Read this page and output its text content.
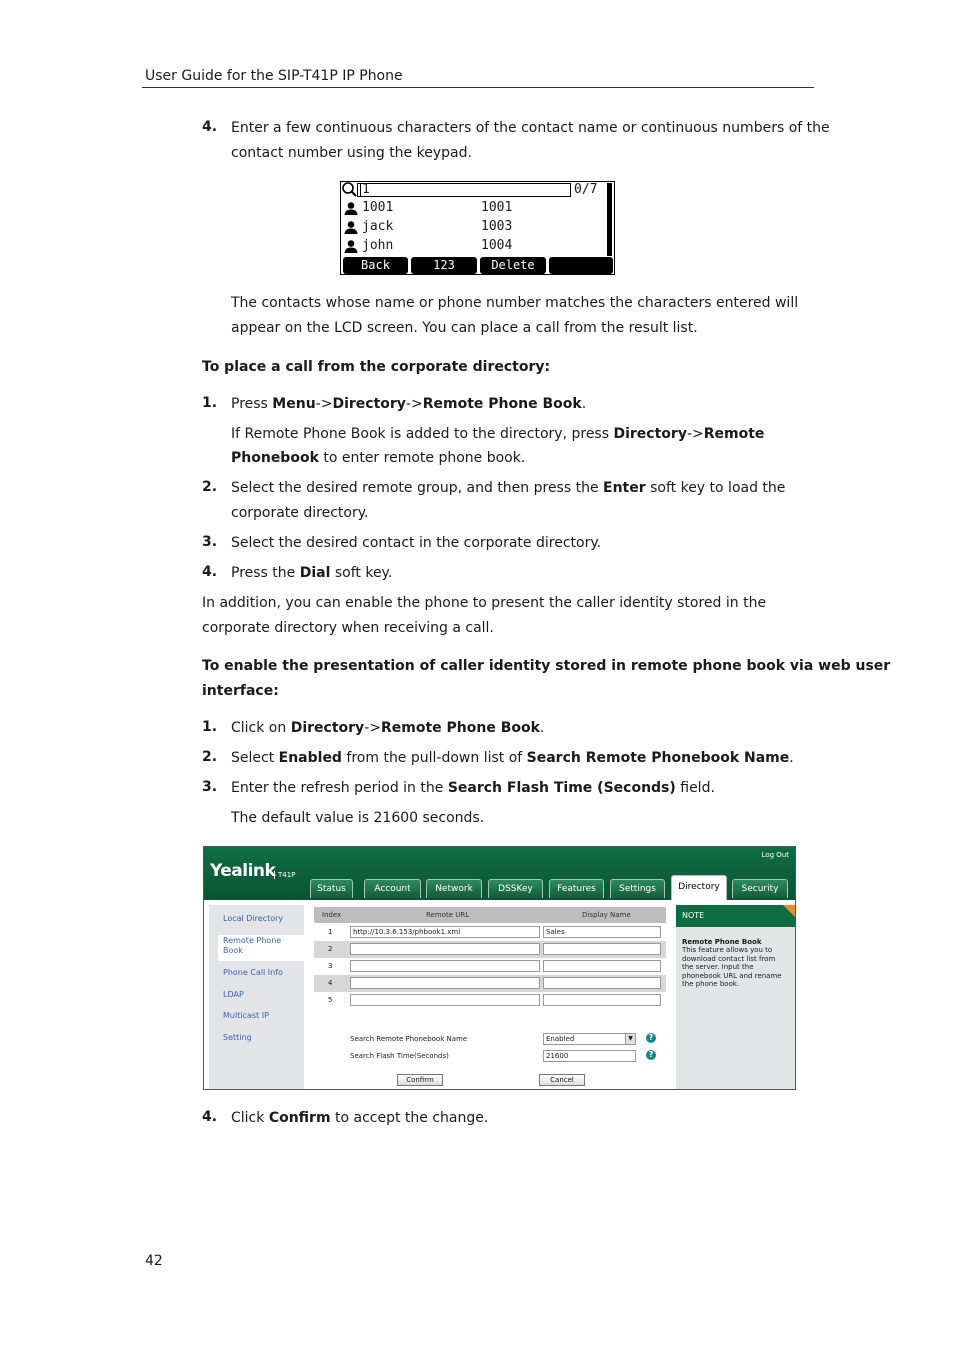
User Guide for the SIP-T41P IP Phone
4. Enter a few continuous characters of the contact name or continuous numbers of the
contact number using the keypad.
1	0/7
1001	1001
jack	1003
john	1004
Back	123	Delete
The contacts whose name or phone number matches the characters entered will
appear on the LCD screen. You can place a call from the result list.
To place a call from the corporate directory:
1. Press Menu->Directory->Remote Phone Book.
If Remote Phone Book is added to the directory, press Directory->Remote
Phonebook to enter remote phone book.
2. Select the desired remote group, and then press the Enter soft key to load the
corporate directory.
3. Select the desired contact in the corporate directory.
4. Press the Dial soft key.
In addition, you can enable the phone to present the caller identity stored in the
corporate directory when receiving a call.
To enable the presentation of caller identity stored in remote phone book via web user
interface:
1. Click on Directory->Remote Phone Book.
2. Select Enabled from the pull-down list of Search Remote Phonebook Name.
3. Enter the refresh period in the Search Flash Time (Seconds) field.
The default value is 21600 seconds.
Yealink T41P
Log Out
Status	Account	Network	DSSKey	Features	Settings	Directory	Security
Local Directory
Remote Phone Book
Phone Call Info
LDAP
Multicast IP
Setting
Index	Remote URL	Display Name
1	http://10.3.6.153/phbook1.xml	Sales
2
3
4
5
Search Remote Phonebook Name	Enabled	▼	?
Search Flash Time(Seconds)	21600	?
Confirm	Cancel
NOTE
Remote Phone Book
This feature allows you to download contact list from the server. Input the phonebook URL and rename the phone book.
4. Click Confirm to accept the change.
42
